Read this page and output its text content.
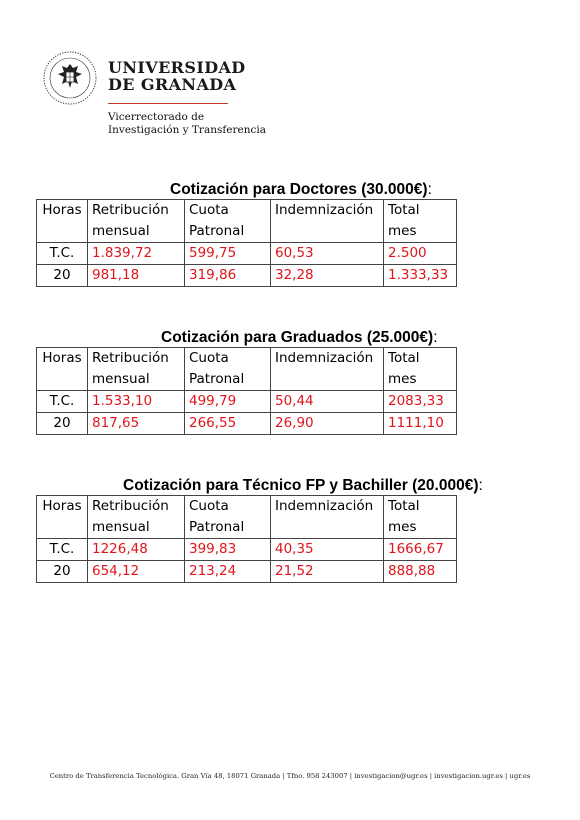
UNIVERSIDAD
DE GRANADA
Vicerrectorado de
Investigación y Transferencia
Cotización para Doctores (30.000€):
Horas	Retribución mensual	Cuota Patronal	Indemnización	Total mes
T.C.	1.839,72	599,75	60,53	2.500
20	981,18	319,86	32,28	1.333,33
Cotización para Graduados (25.000€):
Horas	Retribución mensual	Cuota Patronal	Indemnización	Total mes
T.C.	1.533,10	499,79	50,44	2083,33
20	817,65	266,55	26,90	1111,10
Cotización para Técnico FP y Bachiller (20.000€):
Horas	Retribución mensual	Cuota Patronal	Indemnización	Total mes
T.C.	1226,48	399,83	40,35	1666,67
20	654,12	213,24	21,52	888,88
Centro de Transferencia Tecnológica. Gran Vía 48, 18071 Granada | Tfno. 958 243007 | investigacion@ugr.es | investigacion.ugr.es | ugr.es
